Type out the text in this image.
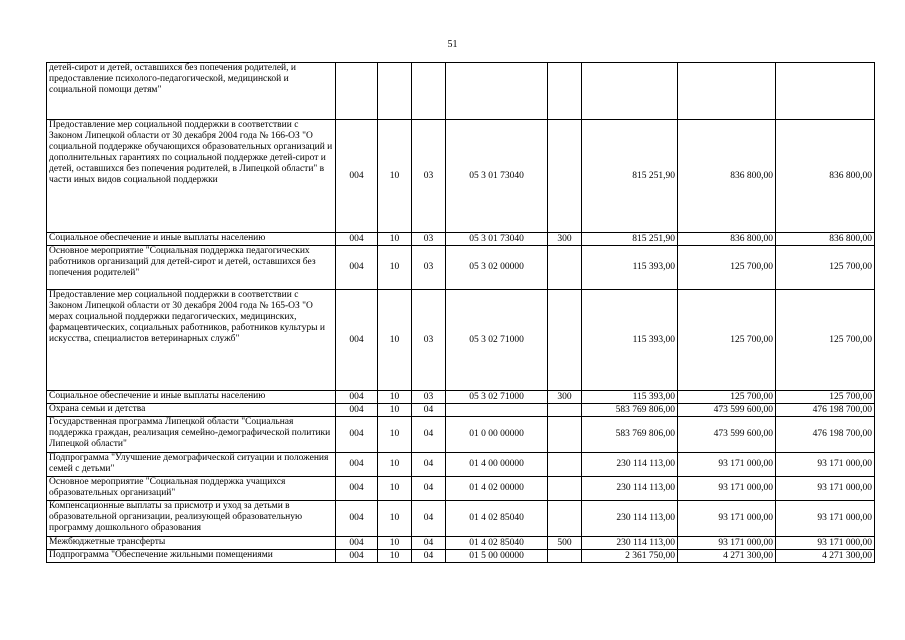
51
детей-сирот и детей, оставшихся без попечения родителей, и предоставление психолого-педагогической, медицинской и социальной помощи детям"								
Предоставление мер социальной поддержки в соответствии с Законом Липецкой области от 30 декабря 2004 года № 166-ОЗ "О социальной поддержке обучающихся образовательных организаций и дополнительных гарантиях по социальной поддержке детей-сирот и детей, оставшихся без попечения родителей, в Липецкой области" в части иных видов социальной поддержки	004	10	03	05 3 01 73040		815 251,90	836 800,00	836 800,00
Социальное обеспечение и иные выплаты населению	004	10	03	05 3 01 73040	300	815 251,90	836 800,00	836 800,00
Основное мероприятие "Социальная поддержка педагогических работников организаций для детей-сирот и детей, оставшихся без попечения родителей"	004	10	03	05 3 02 00000		115 393,00	125 700,00	125 700,00
Предоставление мер социальной поддержки в соответствии с Законом Липецкой области от 30 декабря 2004 года № 165-ОЗ "О мерах социальной поддержки педагогических, медицинских, фармацевтических, социальных работников, работников культуры и искусства, специалистов ветеринарных служб"	004	10	03	05 3 02 71000		115 393,00	125 700,00	125 700,00
Социальное обеспечение и иные выплаты населению	004	10	03	05 3 02 71000	300	115 393,00	125 700,00	125 700,00
Охрана семьи и детства	004	10	04			583 769 806,00	473 599 600,00	476 198 700,00
Государственная программа Липецкой области "Социальная поддержка граждан, реализация семейно-демографической политики Липецкой области"	004	10	04	01 0 00 00000		583 769 806,00	473 599 600,00	476 198 700,00
Подпрограмма "Улучшение демографической ситуации и положения семей с детьми"	004	10	04	01 4 00 00000		230 114 113,00	93 171 000,00	93 171 000,00
Основное мероприятие "Социальная поддержка учащихся образовательных организаций"	004	10	04	01 4 02 00000		230 114 113,00	93 171 000,00	93 171 000,00
Компенсационные выплаты за присмотр и уход за детьми в образовательной организации, реализующей образовательную программу дошкольного образования	004	10	04	01 4 02 85040		230 114 113,00	93 171 000,00	93 171 000,00
Межбюджетные трансферты	004	10	04	01 4 02 85040	500	230 114 113,00	93 171 000,00	93 171 000,00
Подпрограмма "Обеспечение жильными помещениями	004	10	04	01 5 00 00000		2 361 750,00	4 271 300,00	4 271 300,00
